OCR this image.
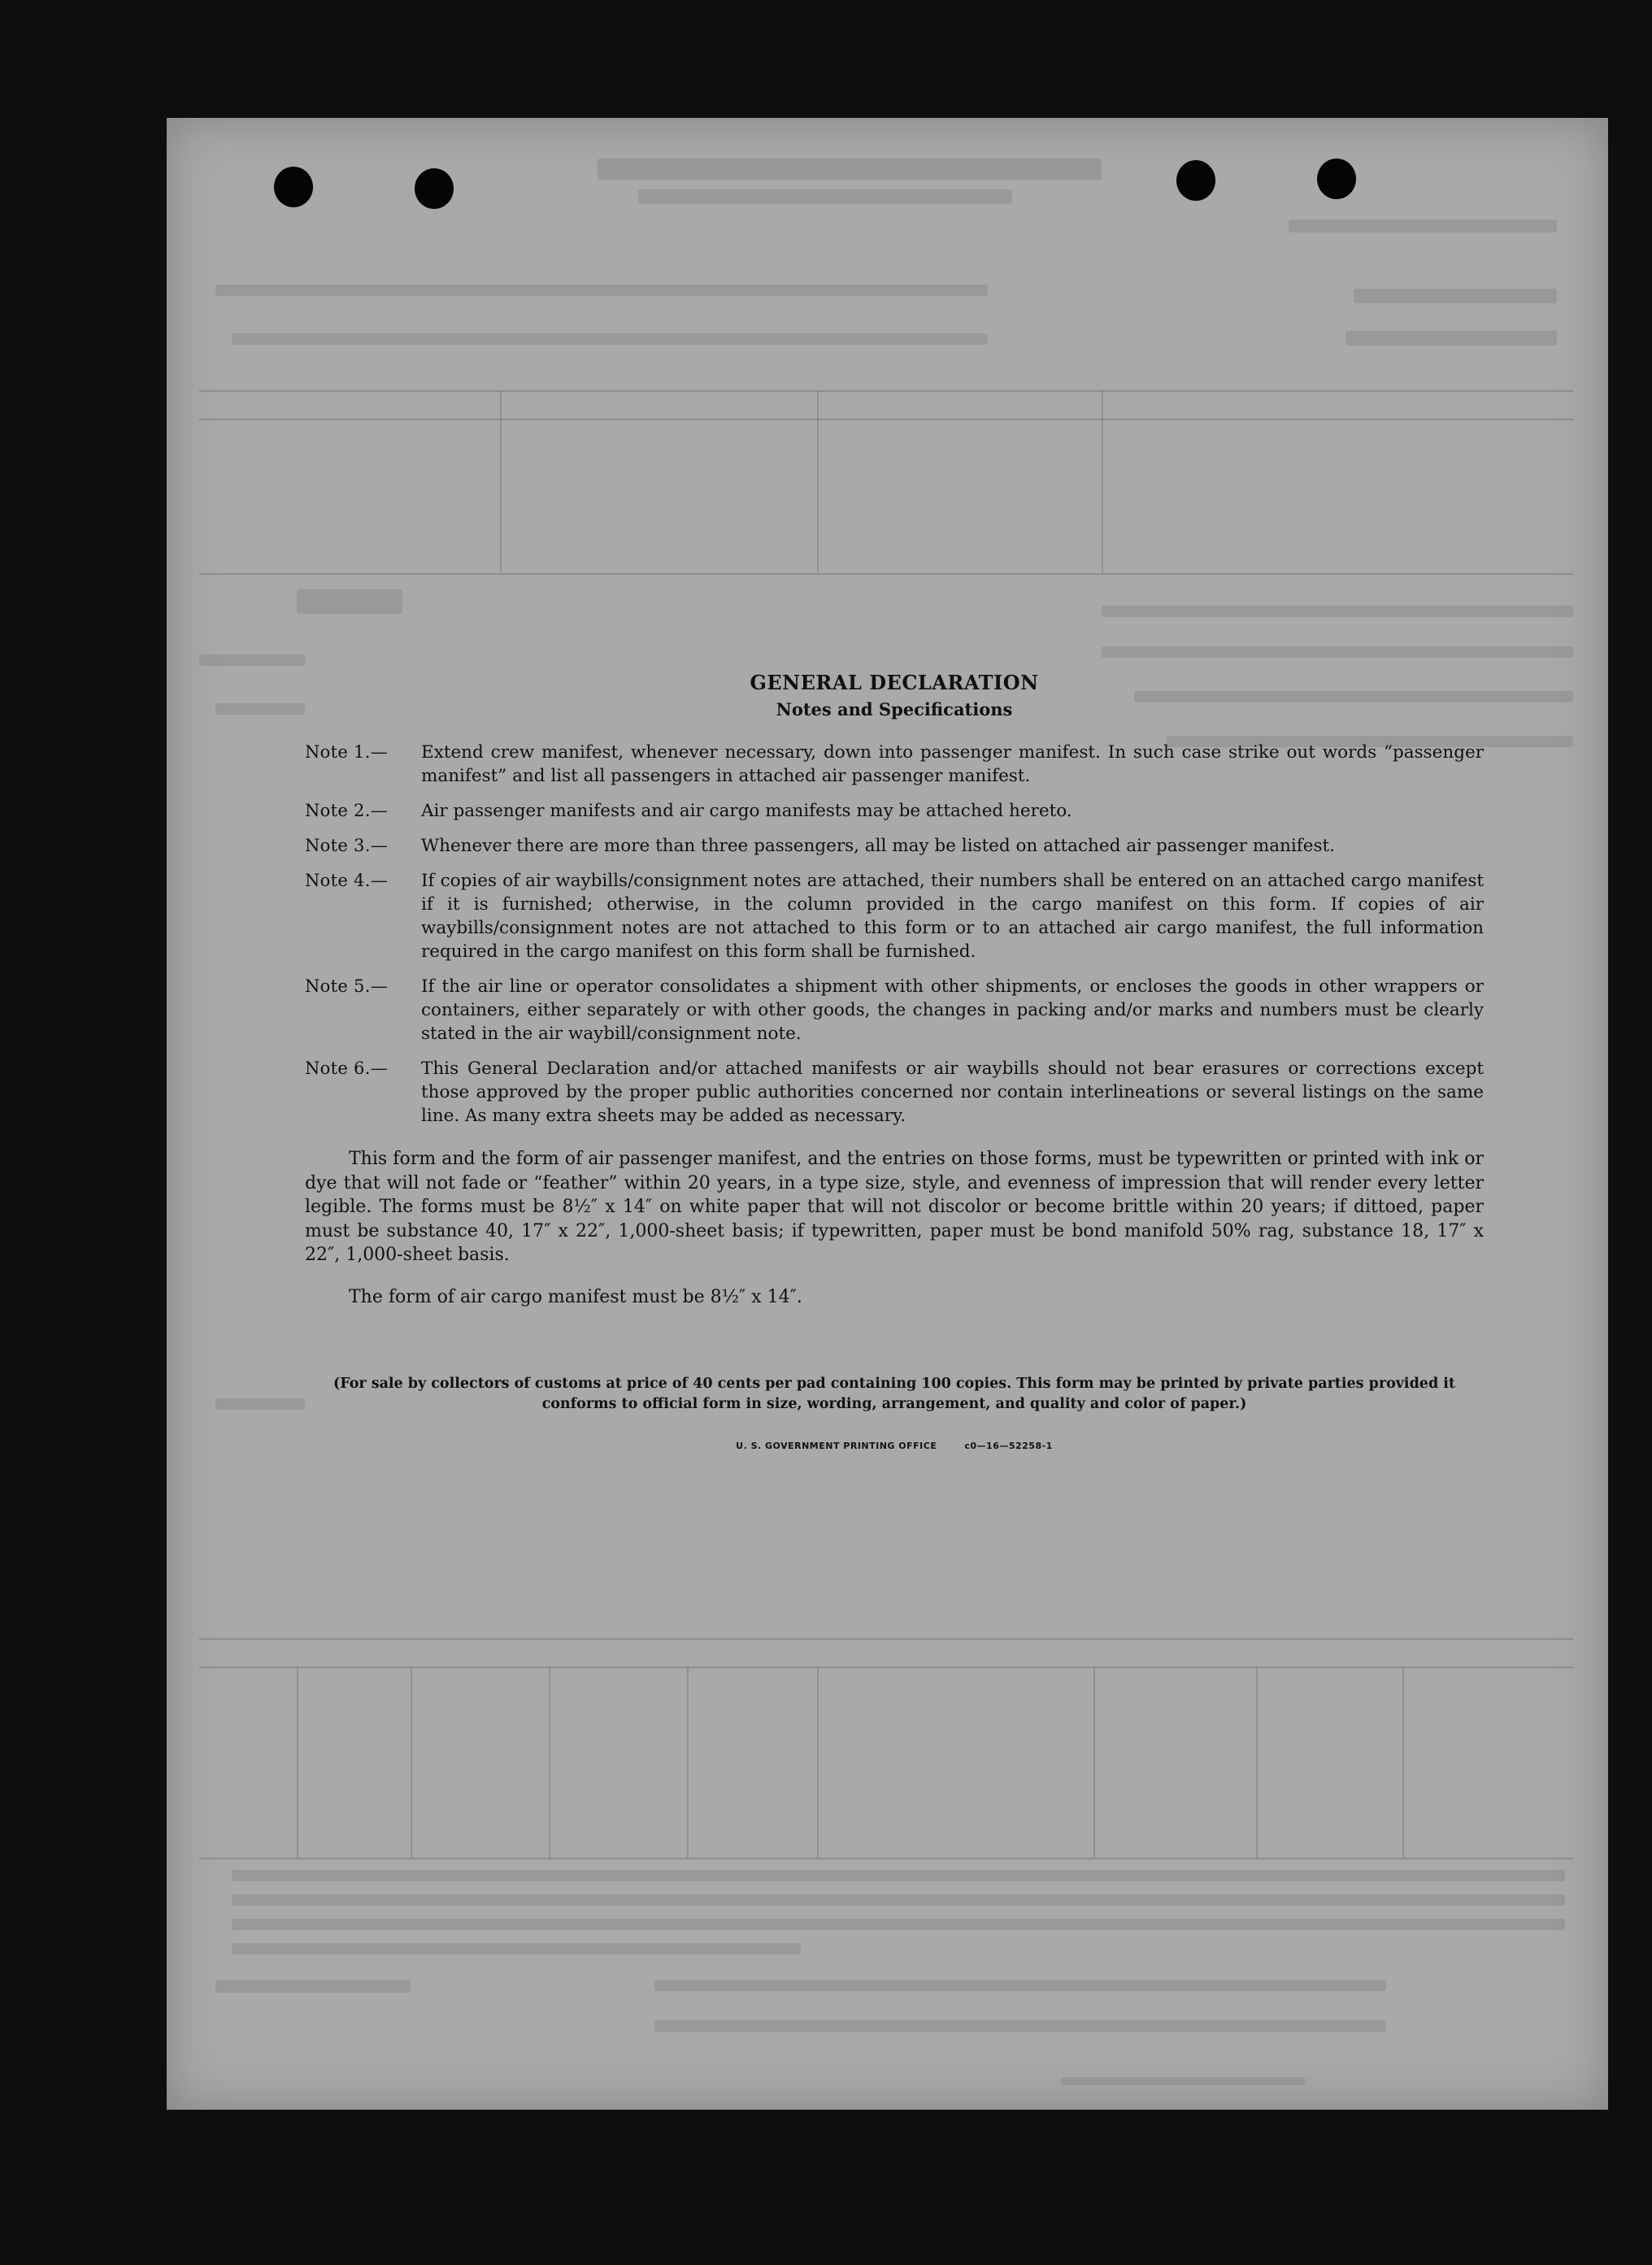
GENERAL DECLARATION
Notes and Specifications
Note 1.—	Extend crew manifest, whenever necessary, down into passenger manifest. In such case strike out words “passenger manifest” and list all passengers in attached air passenger manifest.
Note 2.—	Air passenger manifests and air cargo manifests may be attached hereto.
Note 3.—	Whenever there are more than three passengers, all may be listed on attached air passenger manifest.
Note 4.—	If copies of air waybills/consignment notes are attached, their numbers shall be entered on an attached cargo manifest if it is furnished; otherwise, in the column provided in the cargo manifest on this form. If copies of air waybills/consignment notes are not attached to this form or to an attached air cargo manifest, the full information required in the cargo manifest on this form shall be furnished.
Note 5.—	If the air line or operator consolidates a shipment with other shipments, or encloses the goods in other wrappers or containers, either separately or with other goods, the changes in packing and/or marks and numbers must be clearly stated in the air waybill/consignment note.
Note 6.—	This General Declaration and/or attached manifests or air waybills should not bear erasures or corrections except those approved by the proper public authorities concerned nor contain interlineations or several listings on the same line. As many extra sheets may be added as necessary.

This form and the form of air passenger manifest, and the entries on those forms, must be typewritten or printed with ink or dye that will not fade or “feather” within 20 years, in a type size, style, and evenness of impression that will render every letter legible. The forms must be 8½″ x 14″ on white paper that will not discolor or become brittle within 20 years; if dittoed, paper must be substance 40, 17″ x 22″, 1,000-sheet basis; if typewritten, paper must be bond manifold 50% rag, substance 18, 17″ x 22″, 1,000-sheet basis.

The form of air cargo manifest must be 8½″ x 14″.

(For sale by collectors of customs at price of 40 cents per pad containing 100 copies. This form may be printed by private parties provided it conforms to official form in size, wording, arrangement, and quality and color of paper.)
U. S. GOVERNMENT PRINTING OFFICE	c0—16—52258-1
